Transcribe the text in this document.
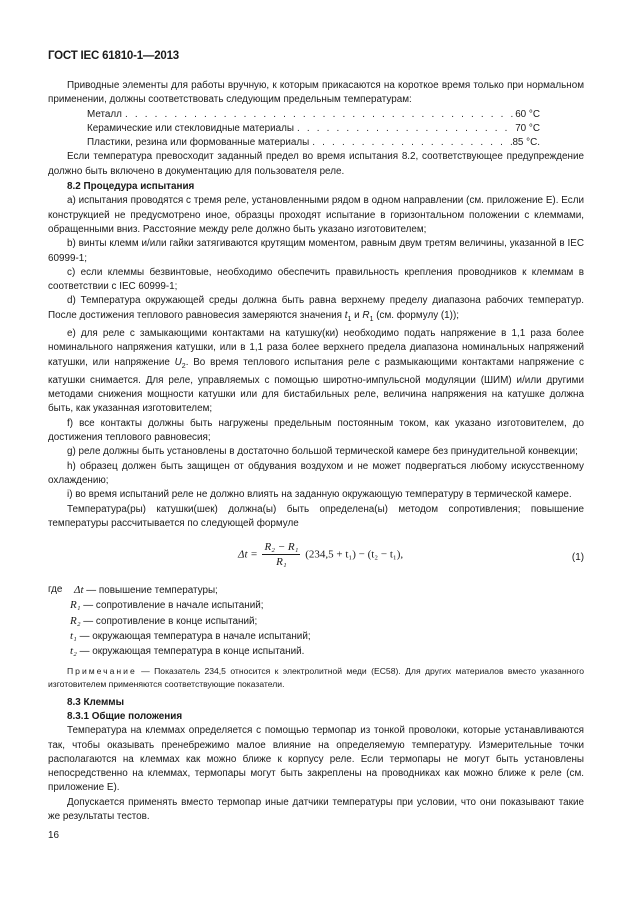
ГОСТ IEC 61810-1—2013

Приводные элементы для работы вручную, к которым прикасаются на короткое время только при нормальном применении, должны соответствовать следующим предельным температурам:

Металл . . .	60 °С
Керамические или стекловидные материалы . . .	70 °С
Пластики, резина или формованные материалы . . .	85 °С.

Если температура превосходит заданный предел во время испытания 8.2, соответствующее предупреждение должно быть включено в документацию для пользователя реле.

8.2 Процедура испытания

а) испытания проводятся с тремя реле, установленными рядом в одном направлении (см. приложение Е). Если конструкцией не предусмотрено иное, образцы проходят испытание в горизонтальном положении с клеммами, обращенными вниз. Расстояние между реле должно быть указано изготовителем;

b) винты клемм и/или гайки затягиваются крутящим моментом, равным двум третям величины, указанной в IEC 60999-1;

с) если клеммы безвинтовые, необходимо обеспечить правильность крепления проводников к клеммам в соответствии с IEC 60999-1;

d) Температура окружающей среды должна быть равна верхнему пределу диапазона рабочих температур. После достижения теплового равновесия замеряются значения $t_1$ и $R_1$ (см. формулу (1));

е) для реле с замыкающими контактами на катушку(ки) необходимо подать напряжение в 1,1 раза более номинального напряжения катушки, или в 1,1 раза более верхнего предела диапазона номинальных напряжений катушки, или напряжение $U_2$. Во время теплового испытания реле с размыкающими контактами напряжение с катушки снимается. Для реле, управляемых с помощью широтно-импульсной модуляции (ШИМ) и/или другими методами снижения мощности катушки или для бистабильных реле, величина напряжения на катушке должна быть, как указанная изготовителем;

f) все контакты должны быть нагружены предельным постоянным током, как указано изготовителем, до достижения теплового равновесия;

g) реле должны быть установлены в достаточно большой термической камере без принудительной конвекции;

h) образец должен быть защищен от обдувания воздухом и не может подвергаться любому искусственному охлаждению;

i) во время испытаний реле не должно влиять на заданную окружающую температуру в термической камере.

Температура(ры) катушки(шек) должна(ы) быть определена(ы) методом сопротивления; повышение температуры рассчитывается по следующей формуле

$\Delta t = \frac{\text{R₂ − R₁}}{\text{R₁}} (234,5 + t_1) - (t_2 - t_1)$,	(1)
где	Δt — повышение температуры;
R₁ — сопротивление в начале испытаний;
R₂ — сопротивление в конце испытаний;
t₁ — окружающая температура в начале испытаний;
t₂ — окружающая температура в конце испытаний.

Примечание — Показатель 234,5 относится к электролитной меди (ЕС58). Для других материалов вместо указанного изготовителем применяются соответствующие показатели.

8.3 Клеммы

8.3.1 Общие положения

Температура на клеммах определяется с помощью термопар из тонкой проволоки, которые устанавливаются так, чтобы оказывать пренебрежимо малое влияние на определяемую температуру. Измерительные точки располагаются на клеммах как можно ближе к корпусу реле. Если термопары не могут быть установлены непосредственно на клеммах, термопары могут быть закреплены на проводниках как можно ближе к реле (см. приложение Е).

Допускается применять вместо термопар иные датчики температуры при условии, что они показывают такие же результаты тестов.

16
